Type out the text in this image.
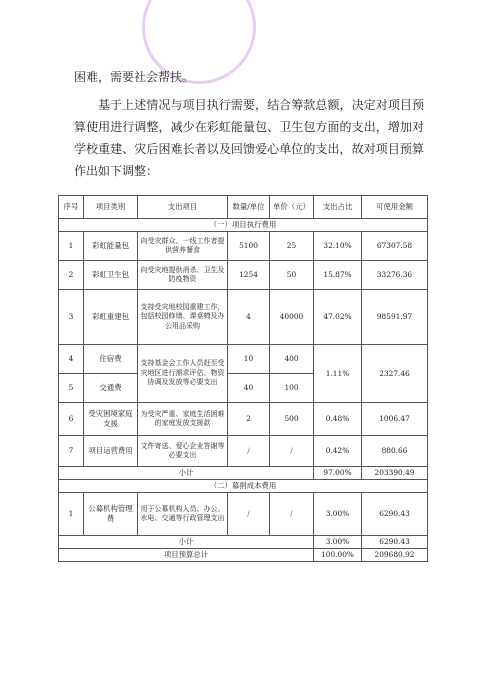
困难，需要社会帮扶。
基于上述情况与项目执行需要，结合筹款总额，决定对项目预算使用进行调整，减少在彩虹能量包、卫生包方面的支出，增加对学校重建、灾后困难长者以及回馈爱心单位的支出，故对项目预算作出如下调整：
序号	项目类别	支出项目	数量/单位	单价（元）	支出占比	可使用金额
（一）项目执行费用						
1	彩虹能量包	向受灾群众、一线工作者提供营养餐食	5100	25	32.10%	67307.58
2	彩虹卫生包	向受灾地提供消杀、卫生及防疫物资	1254	50	15.87%	33276.36
3	彩虹重建包	支持受灾地校园重建工作，包括校园修缮、课桌椅及办公用品采购	4	40000	47.02%	98591.97
4	住宿费	支持基金会工作人员赶至受灾地区进行需求评估、物资协调及发放等必要支出	10	400	1.11%	2327.46
5	交通费		40	100		
6	受灾困境家庭支援	为受灾严重、家庭生活困难的家庭发放支援款	2	500	0.48%	1006.47
7	项目运营费用	文件寄送、爱心企业答谢等必要支出	/	/	0.42%	880.66
小计					97.00%	203390.49
（二）募捐成本费用						
1	公募机构管理费	用于公募机构人员、办公、水电、交通等行政管理支出	/	/	3.00%	6290.43
小计					3.00%	6290.43
项目预算总计					100.00%	209680.92
